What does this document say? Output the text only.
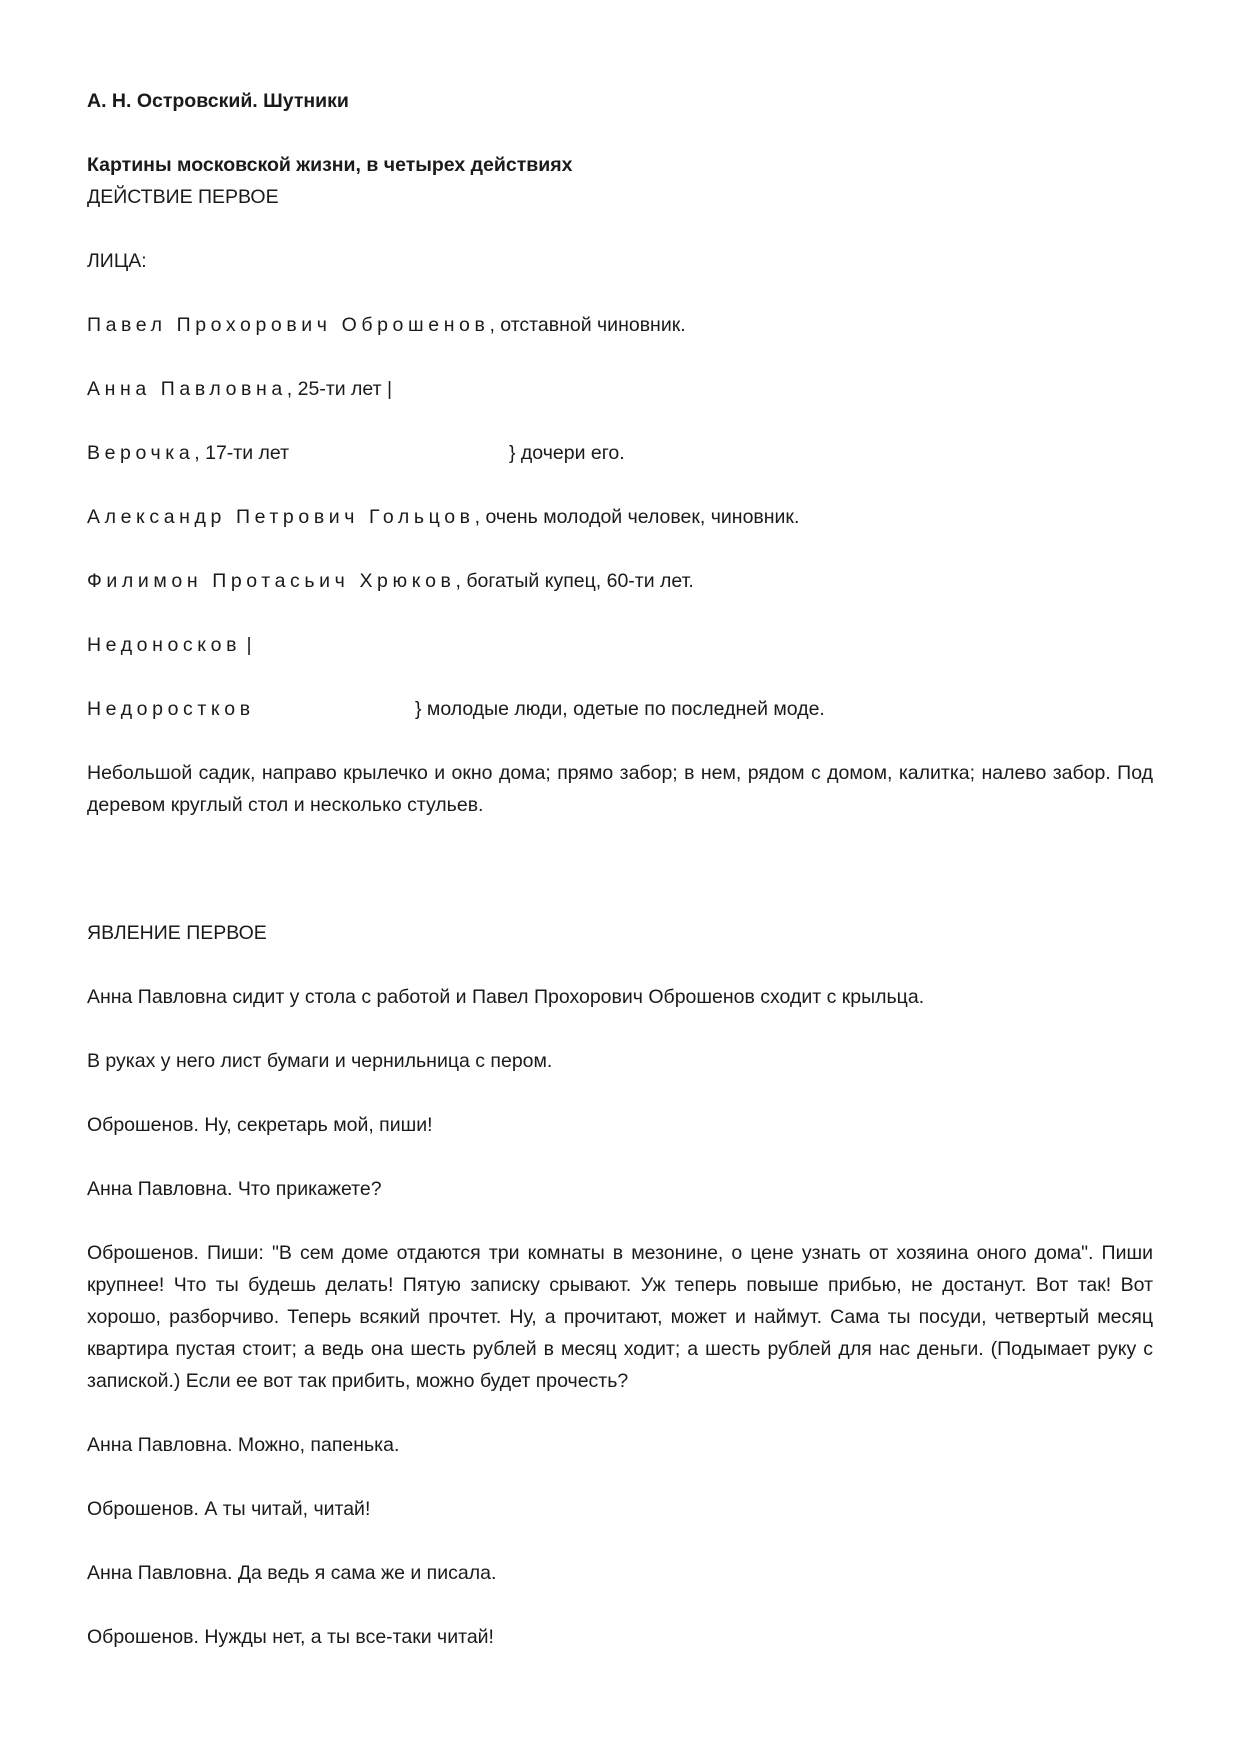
А. Н. Островский. Шутники
Картины московской жизни, в четырех действиях
ДЕЙСТВИЕ ПЕРВОЕ
ЛИЦА:
Павел Прохорович Оброшенов, отставной чиновник.
Анна Павловна, 25-ти лет |
Верочка, 17-ти лет	} дочери его.
Александр Петрович Гольцов, очень молодой человек, чиновник.
Филимон Протасьич Хрюков, богатый купец, 60-ти лет.
Недоносков |
Недоростков	} молодые люди, одетые по последней моде.
Небольшой садик, направо крылечко и окно дома; прямо забор; в нем, рядом с домом, калитка; налево забор. Под деревом круглый стол и несколько стульев.
ЯВЛЕНИЕ ПЕРВОЕ
Анна Павловна сидит у стола с работой и Павел Прохорович Оброшенов сходит с крыльца.
В руках у него лист бумаги и чернильница с пером.
Оброшенов. Ну, секретарь мой, пиши!
Анна Павловна. Что прикажете?
Оброшенов. Пиши: "В сем доме отдаются три комнаты в мезонине, о цене узнать от хозяина оного дома". Пиши крупнее! Что ты будешь делать! Пятую записку срывают. Уж теперь повыше прибью, не достанут. Вот так! Вот хорошо, разборчиво. Теперь всякий прочтет. Ну, а прочитают, может и наймут. Сама ты посуди, четвертый месяц квартира пустая стоит; а ведь она шесть рублей в месяц ходит; а шесть рублей для нас деньги. (Подымает руку с запиской.) Если ее вот так прибить, можно будет прочесть?
Анна Павловна. Можно, папенька.
Оброшенов. А ты читай, читай!
Анна Павловна. Да ведь я сама же и писала.
Оброшенов. Нужды нет, а ты все-таки читай!
